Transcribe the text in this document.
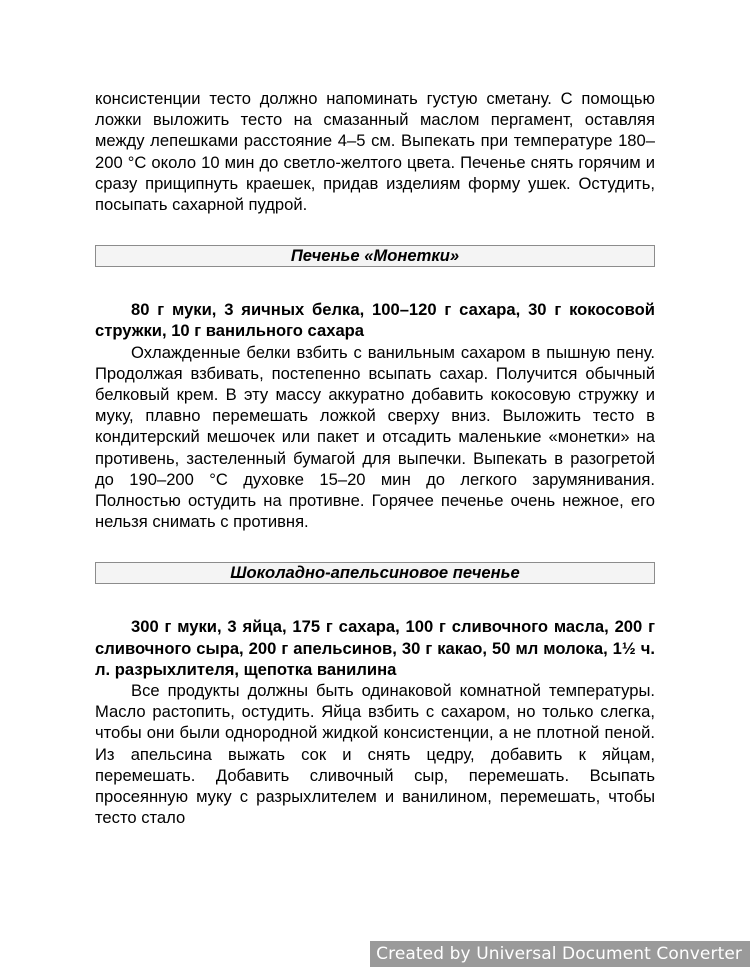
консистенции тесто должно напоминать густую сметану. С помощью ложки выложить тесто на смазанный маслом пергамент, оставляя между лепешками расстояние 4–5 см. Выпекать при температуре 180–200 °С около 10 мин до светло-желтого цвета. Печенье снять горячим и сразу прищипнуть краешек, придав изделиям форму ушек. Остудить, посыпать сахарной пудрой.

Печенье «Монетки»

80 г муки, 3 яичных белка, 100–120 г сахара, 30 г кокосовой стружки, 10 г ванильного сахара

Охлажденные белки взбить с ванильным сахаром в пышную пену. Продолжая взбивать, постепенно всыпать сахар. Получится обычный белковый крем. В эту массу аккуратно добавить кокосовую стружку и муку, плавно перемешать ложкой сверху вниз. Выложить тесто в кондитерский мешочек или пакет и отсадить маленькие «монетки» на противень, застеленный бумагой для выпечки. Выпекать в разогретой до 190–200 °С духовке 15–20 мин до легкого зарумянивания. Полностью остудить на противне. Горячее печенье очень нежное, его нельзя снимать с противня.

Шоколадно-апельсиновое печенье

300 г муки, 3 яйца, 175 г сахара, 100 г сливочного масла, 200 г сливочного сыра, 200 г апельсинов, 30 г какао, 50 мл молока, 1½ ч. л. разрыхлителя, щепотка ванилина

Все продукты должны быть одинаковой комнатной температуры. Масло растопить, остудить. Яйца взбить с сахаром, но только слегка, чтобы они были однородной жидкой консистенции, а не плотной пеной. Из апельсина выжать сок и снять цедру, добавить к яйцам, перемешать. Добавить сливочный сыр, перемешать. Всыпать просеянную муку с разрыхлителем и ванилином, перемешать, чтобы тесто стало

Created by Universal Document Converter
